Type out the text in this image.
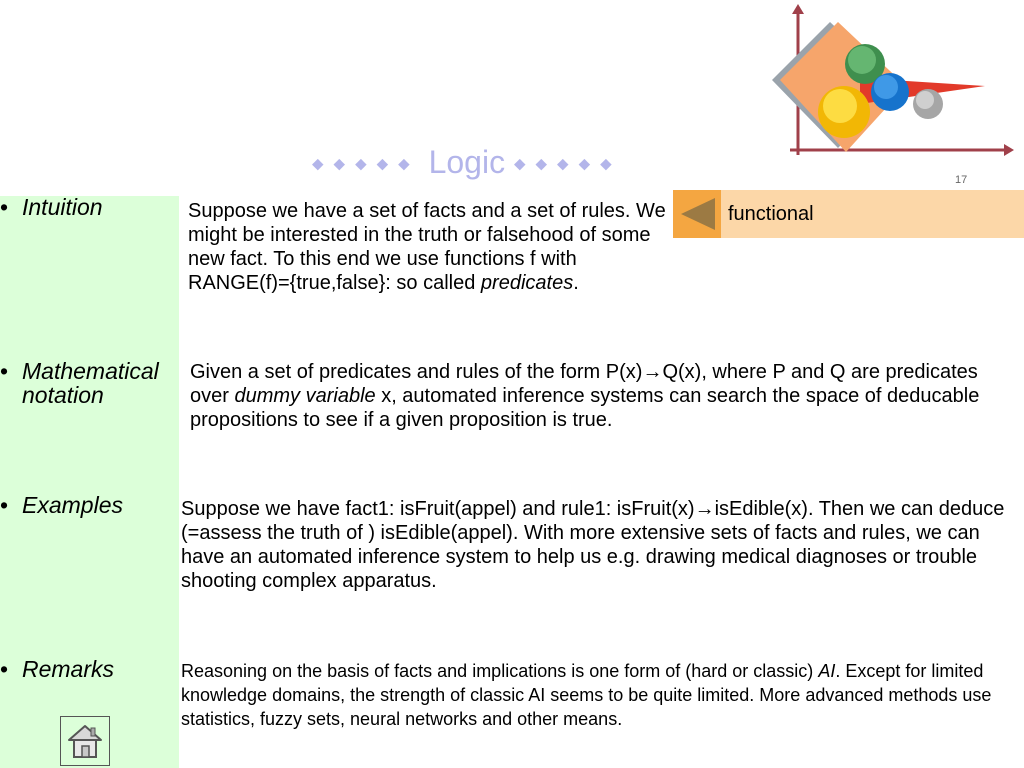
◆◆◆◆◆ Logic ◆◆◆◆◆
17
functional
• Intuition
• Mathematical notation
• Examples
• Remarks
Suppose we have a set of facts and a set of rules. We might be interested in the truth or falsehood of some new fact. To this end we use functions f with RANGE(f)={true,false}: so called predicates.
Given a set of predicates and rules of the form P(x)→Q(x), where P and Q are predicates over dummy variable x, automated inference systems can search the space of deducable propositions to see if a given proposition is true.
Suppose we have fact1: isFruit(appel) and rule1: isFruit(x)→isEdible(x). Then we can deduce (=assess the truth of ) isEdible(appel). With more extensive sets of facts and rules, we can have an automated inference system to help us e.g. drawing medical diagnoses or trouble shooting complex apparatus.
Reasoning on the basis of facts and implications is one form of (hard or classic) AI. Except for limited knowledge domains, the strength of classic AI seems to be quite limited. More advanced methods use statistics, fuzzy sets, neural networks and other means.
